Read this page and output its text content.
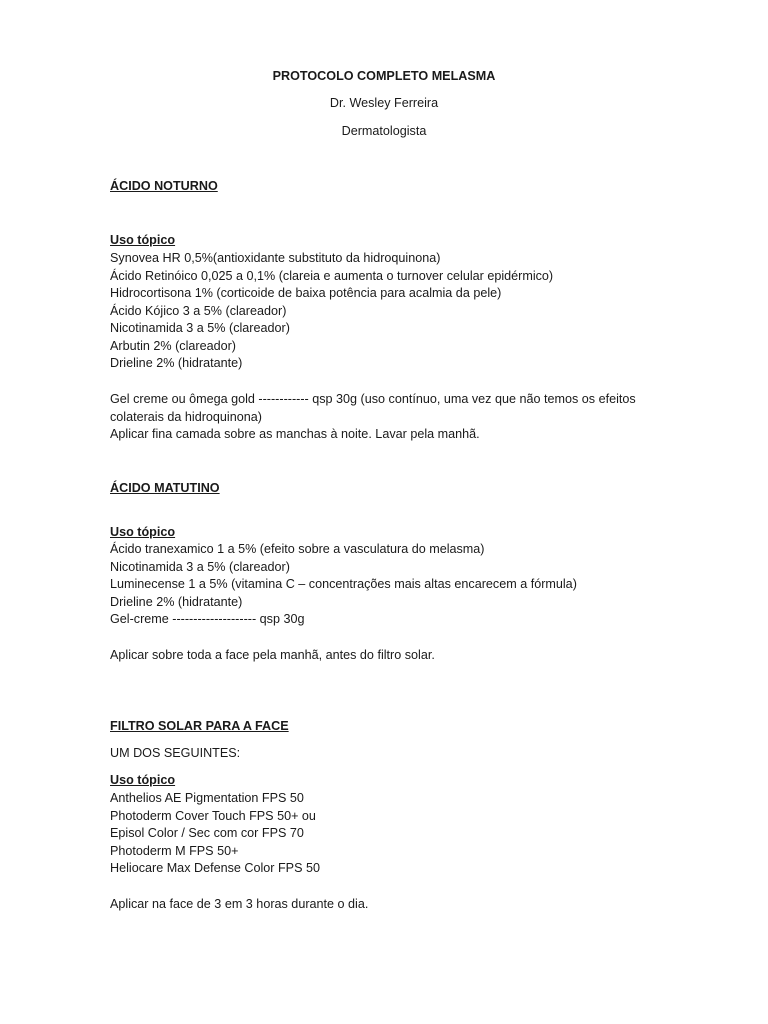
PROTOCOLO COMPLETO MELASMA
Dr. Wesley Ferreira
Dermatologista
ÁCIDO NOTURNO
Uso tópico
Synovea HR 0,5%(antioxidante substituto da hidroquinona)
Ácido Retinóico 0,025 a 0,1% (clareia e aumenta o turnover celular epidérmico)
Hidrocortisona 1% (corticoide de baixa potência para acalmia da pele)
Ácido Kójico 3 a 5% (clareador)
Nicotinamida 3 a 5% (clareador)
Arbutin 2% (clareador)
Drieline 2% (hidratante)
Gel creme ou ômega gold ------------ qsp 30g (uso contínuo, uma vez que não temos os efeitos colaterais da hidroquinona)
Aplicar fina camada sobre as manchas à noite. Lavar pela manhã.
ÁCIDO MATUTINO
Uso tópico
Ácido tranexamico 1 a 5% (efeito sobre a vasculatura do melasma)
Nicotinamida 3 a 5% (clareador)
Luminecense 1 a 5% (vitamina C – concentrações mais altas encarecem a fórmula)
Drieline 2% (hidratante)
Gel-creme -------------------- qsp 30g
Aplicar sobre toda a face pela manhã, antes do filtro solar.
FILTRO SOLAR PARA A FACE
UM DOS SEGUINTES:
Uso tópico
Anthelios AE Pigmentation FPS 50
Photoderm Cover Touch FPS 50+ ou
Episol Color / Sec com cor FPS 70
Photoderm M FPS 50+
Heliocare Max Defense Color FPS 50
Aplicar na face de 3 em 3 horas durante o dia.
